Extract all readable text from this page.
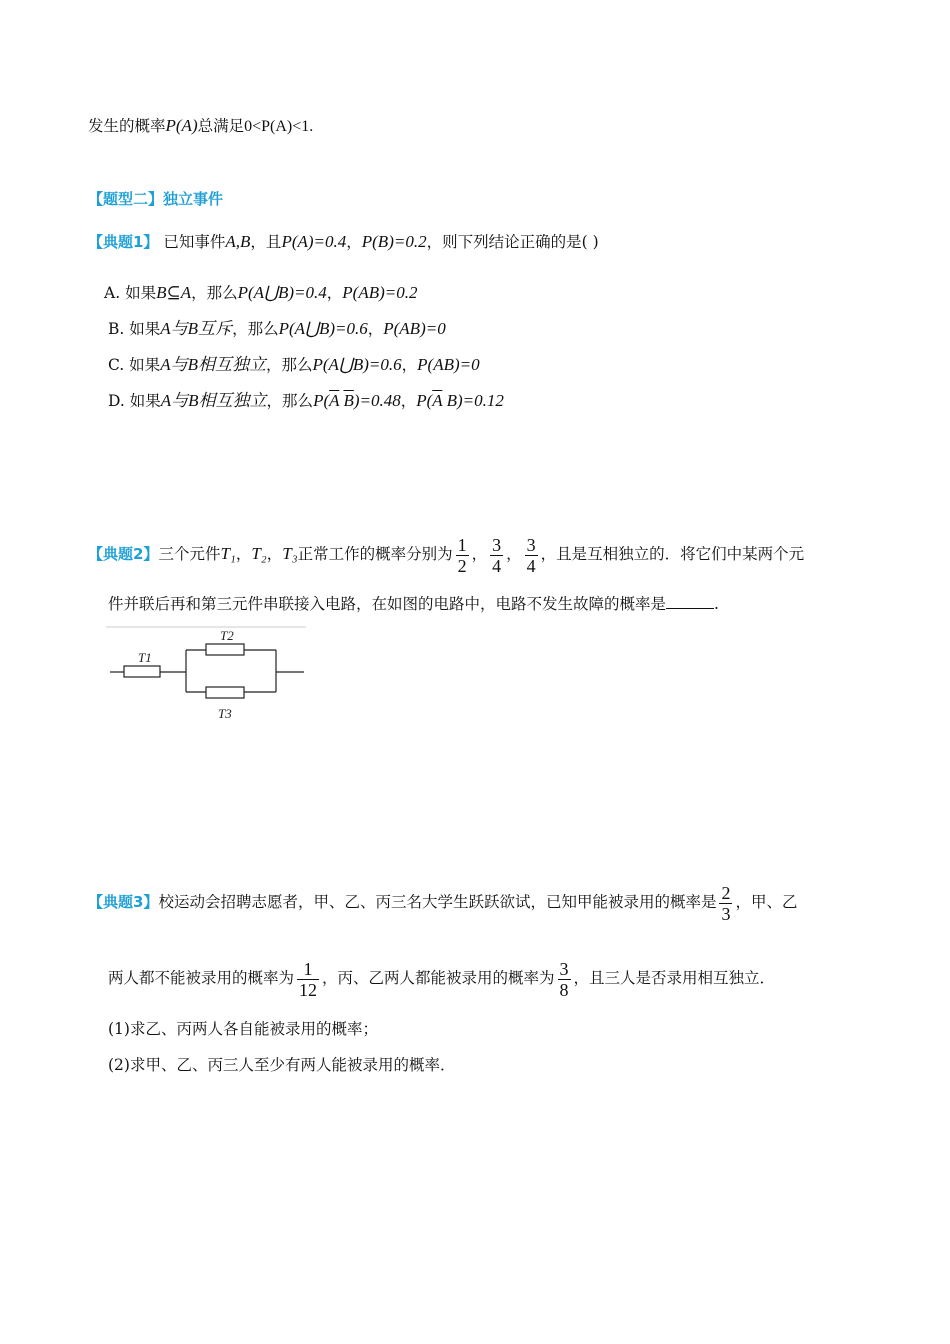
发生的概率P(A)总满足0<P(A)<1.
【题型二】独立事件
【典题1】 已知事件A,B，且P(A)=0.4，P(B)=0.2，则下列结论正确的是( )
A. 如果B⊆A，那么P(A⋃B)=0.4，P(AB)=0.2
B. 如果A与B互斥，那么P(A⋃B)=0.6，P(AB)=0
C. 如果A与B相互独立，那么P(A⋃B)=0.6，P(AB)=0
D. 如果A与B相互独立，那么$P(\overline{A}$ $\overline{B})=0.48$，$P(\overline{A}$ B)=0.12
【典题2】三个元件T₁，T₂，T₃正常工作的概率分别为 $\frac{1}{2}$ ， $\frac{3}{4}$ ， $\frac{3}{4}$ ，且是互相独立的．将它们中某两个元
件并联后再和第三元件串联接入电路，在如图的电路中，电路不发生故障的概率是	.
T1
T2
T3
【典题3】校运动会招聘志愿者，甲、乙、丙三名大学生跃跃欲试，已知甲能被录用的概率是 $\frac{2}{3}$ ，甲、乙
两人都不能被录用的概率为 $\frac{1}{12}$ ，丙、乙两人都能被录用的概率为 $\frac{3}{8}$ ，且三人是否录用相互独立．
(1)求乙、丙两人各自能被录用的概率；
(2)求甲、乙、丙三人至少有两人能被录用的概率．
